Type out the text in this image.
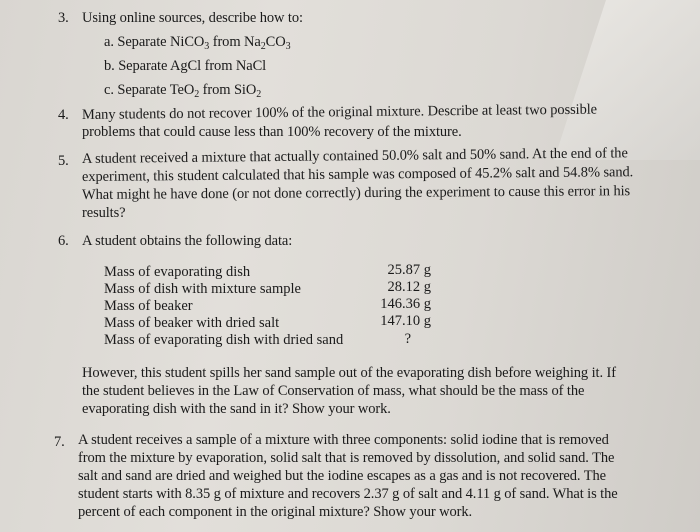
3. Using online sources, describe how to:
a. Separate NiCO$_3$ from $Na_2CO_3$
b. Separate AgCl from NaCl
c. Separate TeO$_2$ from SiO$_2$
4. Many students do not recover 100% of the original mixture. Describe at least two possible
problems that could cause less than 100% recovery of the mixture.
5. A student received a mixture that actually contained 50.0% salt and 50% sand. At the end of the
experiment, this student calculated that his sample was composed of 45.2% salt and 54.8% sand.
What might he have done (or not done correctly) during the experiment to cause this error in his
results?
6. A student obtains the following data:
Mass of evaporating dish	25.87 g
Mass of dish with mixture sample	28.12 g
Mass of beaker	146.36 g
Mass of beaker with dried salt	147.10 g
Mass of evaporating dish with dried sand	?
However, this student spills her sand sample out of the evaporating dish before weighing it. If
the student believes in the Law of Conservation of mass, what should be the mass of the
evaporating dish with the sand in it? Show your work.
7. A student receives a sample of a mixture with three components: solid iodine that is removed
from the mixture by evaporation, solid salt that is removed by dissolution, and solid sand. The
salt and sand are dried and weighed but the iodine escapes as a gas and is not recovered. The
student starts with 8.35 g of mixture and recovers 2.37 g of salt and 4.11 g of sand. What is the
percent of each component in the original mixture? Show your work.
